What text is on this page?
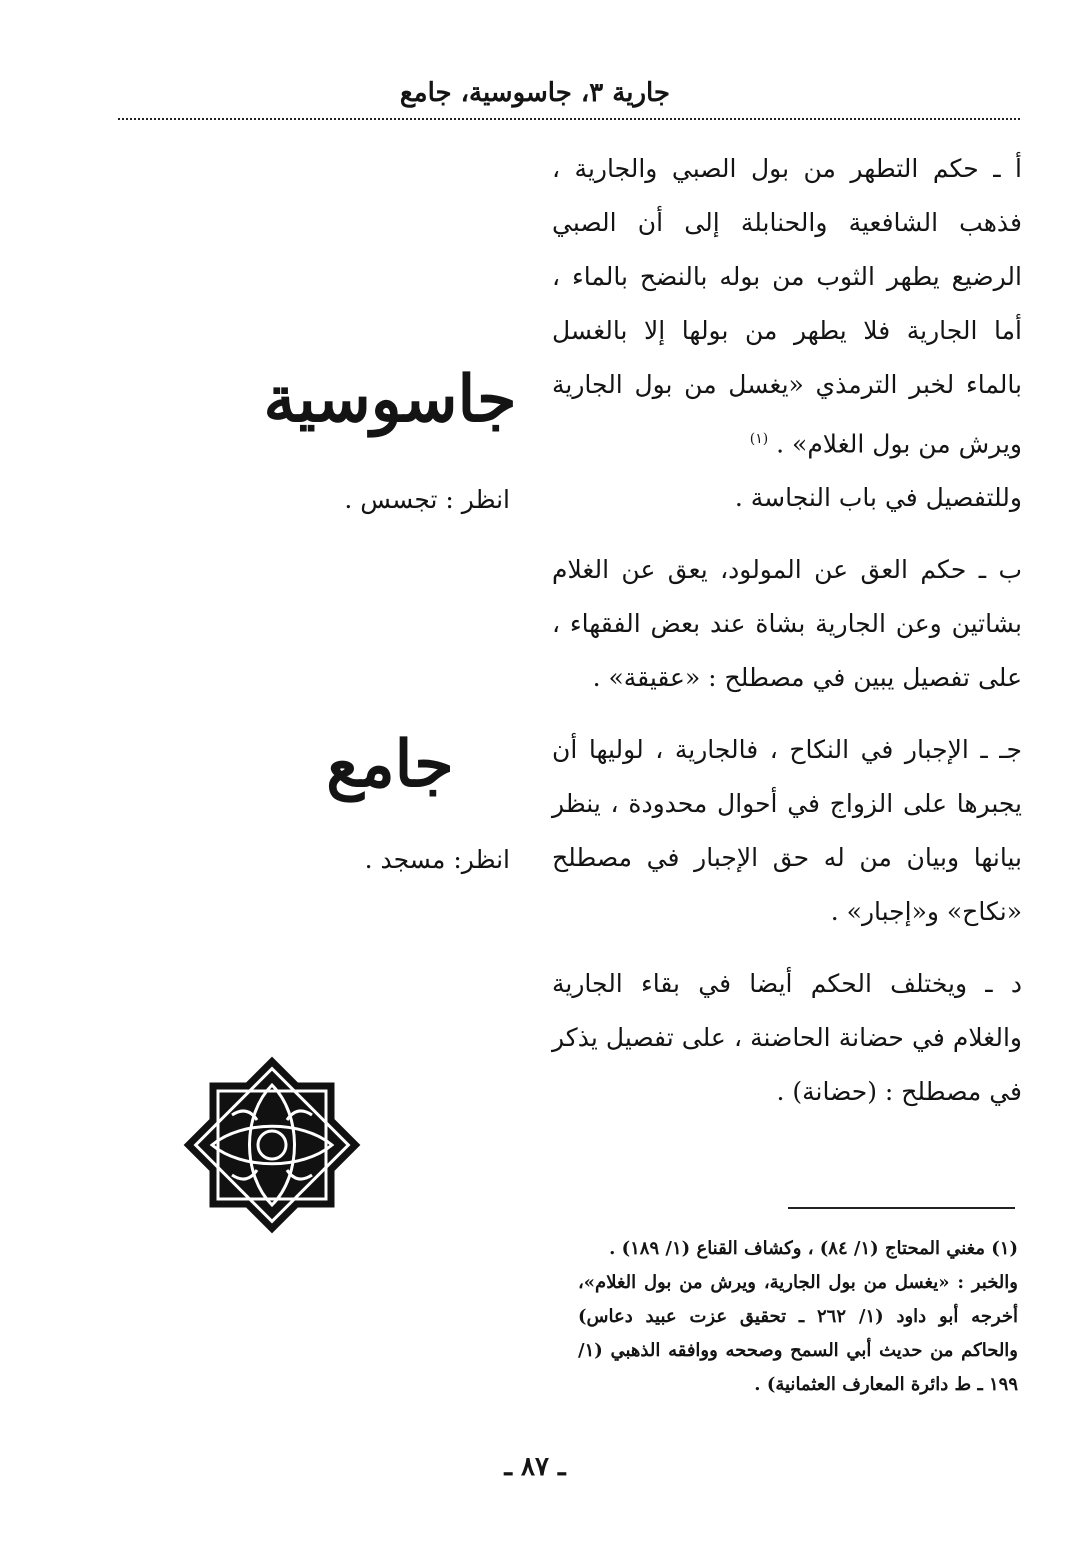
جارية ٣، جاسوسية، جامع

أ ـ حكم التطهر من بول الصبي والجارية ، فذهب الشافعية والحنابلة إلى أن الصبي الرضيع يطهر الثوب من بوله بالنضح بالماء ، أما الجارية فلا يطهر من بولها إلا بالغسل بالماء لخبر الترمذي «يغسل من بول الجارية ويرش من بول الغلام» . $^{(١)}$

وللتفصيل في باب النجاسة .

ب ـ حكم العق عن المولود، يعق عن الغلام بشاتين وعن الجارية بشاة عند بعض الفقهاء ، على تفصيل يبين في مصطلح : «عقيقة» .

جـ ـ الإجبار في النكاح ، فالجارية ، لوليها أن يجبرها على الزواج في أحوال محدودة ، ينظر بيانها وبيان من له حق الإجبار في مصطلح «نكاح» و«إجبار» .

د ـ ويختلف الحكم أيضا في بقاء الجارية والغلام في حضانة الحاضنة ، على تفصيل يذكر في مصطلح : (حضانة) .

جاسوسية
انظر : تجسس .
جامع
انظر: مسجد .

(١) مغني المحتاج (١/ ٨٤) ، وكشاف القناع (١/ ١٨٩) .

والخبر : «يغسل من بول الجارية، ويرش من بول الغلام»، أخرجه أبو داود (١/ ٢٦٢ ـ تحقيق عزت عبيد دعاس) والحاكم من حديث أبي السمح وصححه ووافقه الذهبي (١/ ١٩٩ ـ ط دائرة المعارف العثمانية) .

ـ ٨٧ ـ
